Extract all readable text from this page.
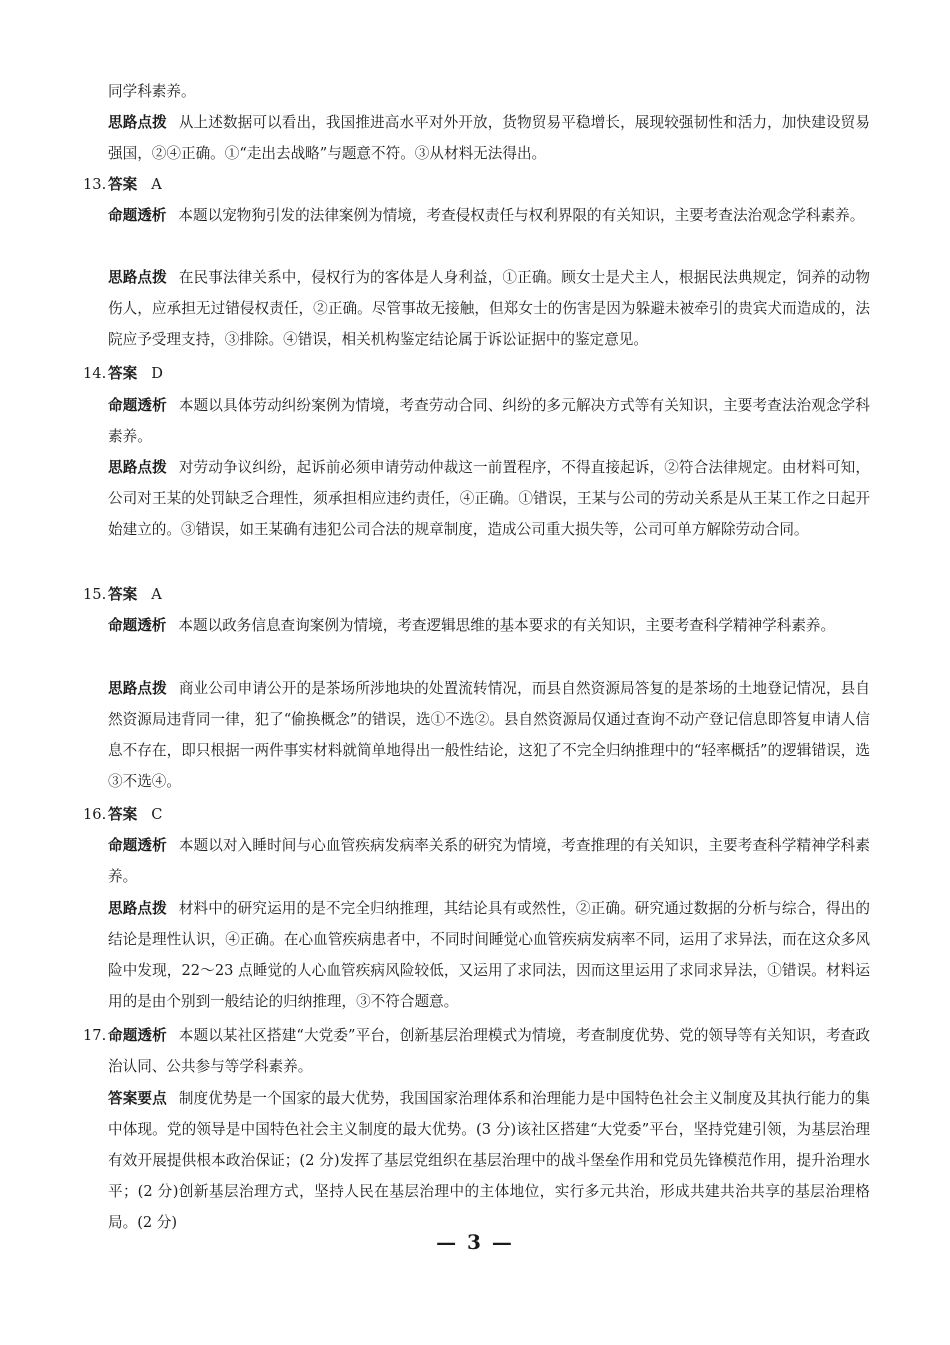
同学科素养。
思路点拨 从上述数据可以看出，我国推进高水平对外开放，货物贸易平稳增长，展现较强韧性和活力，加快建设贸易强国，②④正确。①“走出去战略”与题意不符。③从材料无法得出。
13. 答案 A
命题透析 本题以宠物狗引发的法律案例为情境，考查侵权责任与权利界限的有关知识，主要考查法治观念学科素养。
思路点拨 在民事法律关系中，侵权行为的客体是人身利益，①正确。顾女士是犬主人，根据民法典规定，饲养的动物伤人，应承担无过错侵权责任，②正确。尽管事故无接触，但郑女士的伤害是因为躲避未被牵引的贵宾犬而造成的，法院应予受理支持，③排除。④错误，相关机构鉴定结论属于诉讼证据中的鉴定意见。
14. 答案 D
命题透析 本题以具体劳动纠纷案例为情境，考查劳动合同、纠纷的多元解决方式等有关知识，主要考查法治观念学科素养。
思路点拨 对劳动争议纠纷，起诉前必须申请劳动仲裁这一前置程序，不得直接起诉，②符合法律规定。由材料可知，公司对王某的处罚缺乏合理性，须承担相应违约责任，④正确。①错误，王某与公司的劳动关系是从王某工作之日起开始建立的。③错误，如王某确有违犯公司合法的规章制度，造成公司重大损失等，公司可单方解除劳动合同。
15. 答案 A
命题透析 本题以政务信息查询案例为情境，考查逻辑思维的基本要求的有关知识，主要考查科学精神学科素养。
思路点拨 商业公司申请公开的是茶场所涉地块的处置流转情况，而县自然资源局答复的是茶场的土地登记情况，县自然资源局违背同一律，犯了“偷换概念”的错误，选①不选②。县自然资源局仅通过查询不动产登记信息即答复申请人信息不存在，即只根据一两件事实材料就简单地得出一般性结论，这犯了不完全归纳推理中的“轻率概括”的逻辑错误，选③不选④。
16. 答案 C
命题透析 本题以对入睡时间与心血管疾病发病率关系的研究为情境，考查推理的有关知识，主要考查科学精神学科素养。
思路点拨 材料中的研究运用的是不完全归纳推理，其结论具有或然性，②正确。研究通过数据的分析与综合，得出的结论是理性认识，④正确。在心血管疾病患者中，不同时间睡觉心血管疾病发病率不同，运用了求异法，而在这众多风险中发现，22～23 点睡觉的人心血管疾病风险较低，又运用了求同法，因而这里运用了求同求异法，①错误。材料运用的是由个别到一般结论的归纳推理，③不符合题意。
17. 命题透析 本题以某社区搭建“大党委”平台，创新基层治理模式为情境，考查制度优势、党的领导等有关知识，考查政治认同、公共参与等学科素养。
答案要点 制度优势是一个国家的最大优势，我国国家治理体系和治理能力是中国特色社会主义制度及其执行能力的集中体现。党的领导是中国特色社会主义制度的最大优势。(3 分)该社区搭建“大党委”平台，坚持党建引领，为基层治理有效开展提供根本政治保证；(2 分)发挥了基层党组织在基层治理中的战斗堡垒作用和党员先锋模范作用，提升治理水平；(2 分)创新基层治理方式，坚持人民在基层治理中的主体地位，实行多元共治，形成共建共治共享的基层治理格局。(2 分)
— 3 —
